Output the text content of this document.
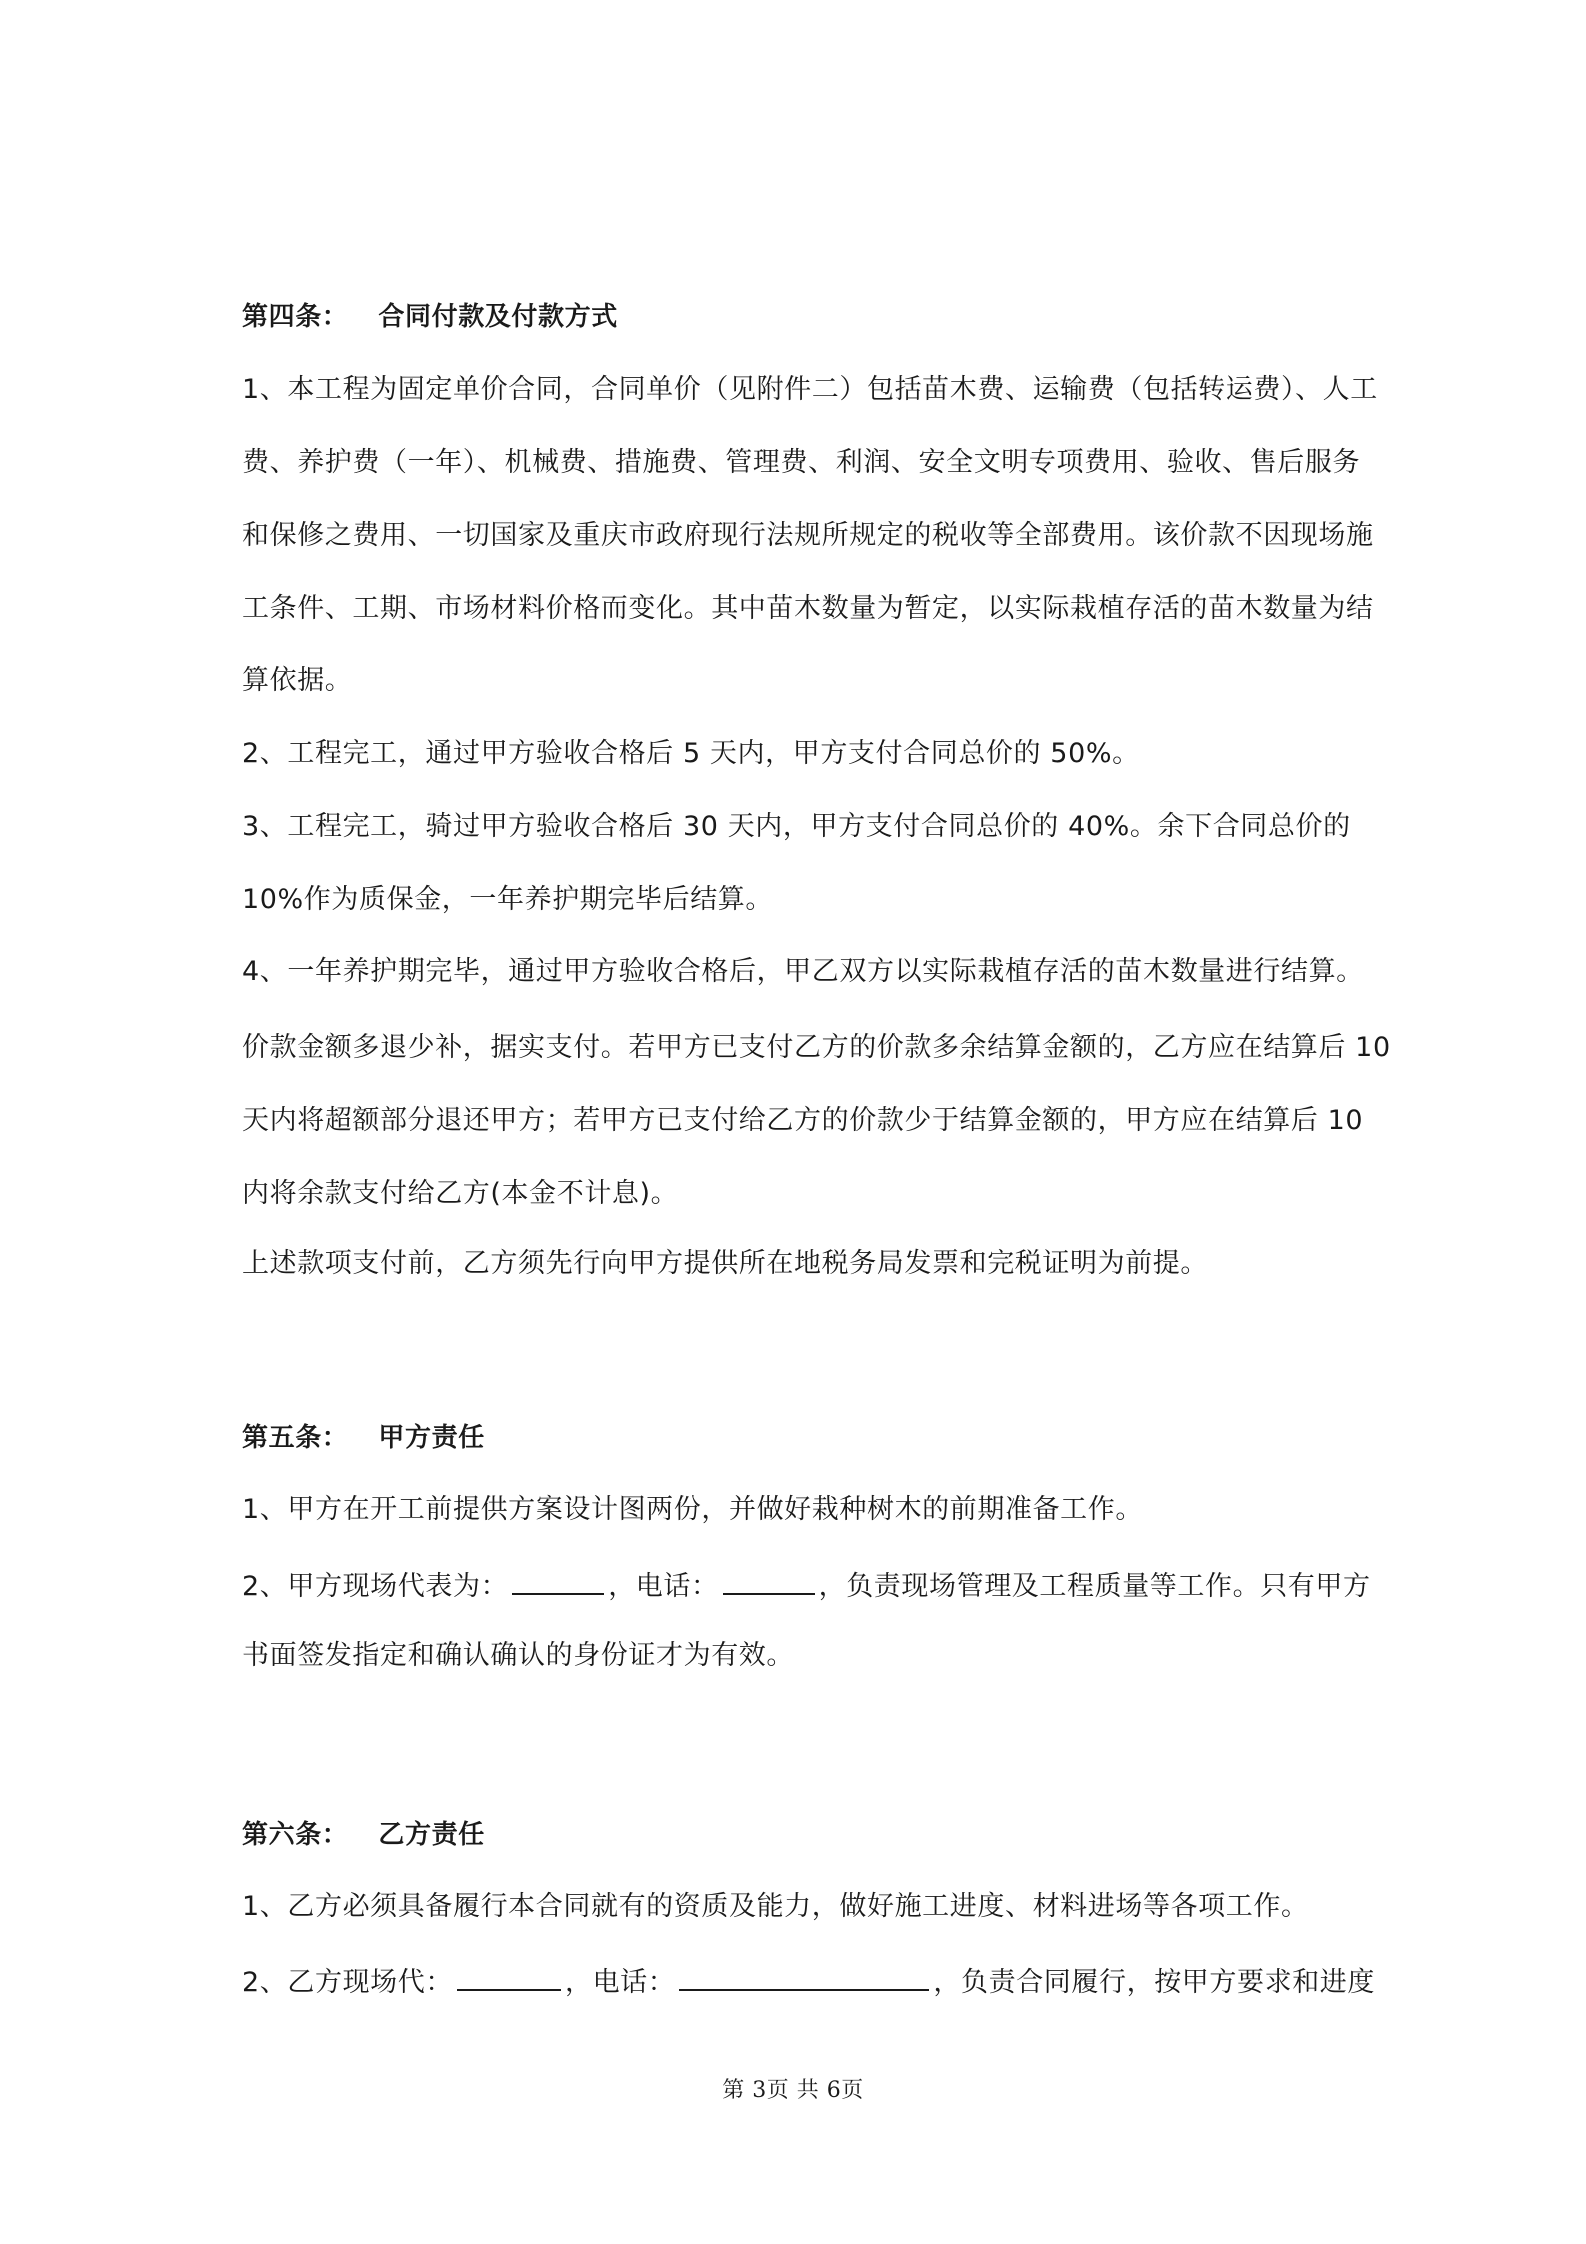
第四条： 合同付款及付款方式
1、本工程为固定单价合同，合同单价（见附件二）包括苗木费、运输费（包括转运费）、人工
费、养护费（一年）、机械费、措施费、管理费、利润、安全文明专项费用、验收、售后服务
和保修之费用、一切国家及重庆市政府现行法规所规定的税收等全部费用。该价款不因现场施
工条件、工期、市场材料价格而变化。其中苗木数量为暂定，以实际栽植存活的苗木数量为结
算依据。
2、工程完工，通过甲方验收合格后 5 天内，甲方支付合同总价的 50%。
3、工程完工，骑过甲方验收合格后 30 天内，甲方支付合同总价的 40%。余下合同总价的
10%作为质保金，一年养护期完毕后结算。
4、一年养护期完毕，通过甲方验收合格后，甲乙双方以实际栽植存活的苗木数量进行结算。
价款金额多退少补，据实支付。若甲方已支付乙方的价款多余结算金额的，乙方应在结算后 10
天内将超额部分退还甲方；若甲方已支付给乙方的价款少于结算金额的，甲方应在结算后 10
内将余款支付给乙方(本金不计息)。
上述款项支付前，乙方须先行向甲方提供所在地税务局发票和完税证明为前提。
第五条： 甲方责任
1、甲方在开工前提供方案设计图两份，并做好栽种树木的前期准备工作。
2、甲方现场代表为：	，电话：	，负责现场管理及工程质量等工作。只有甲方
书面签发指定和确认确认的身份证才为有效。
第六条： 乙方责任
1、乙方必须具备履行本合同就有的资质及能力，做好施工进度、材料进场等各项工作。
2、乙方现场代：	，电话：	，负责合同履行，按甲方要求和进度
第 3页 共 6页
